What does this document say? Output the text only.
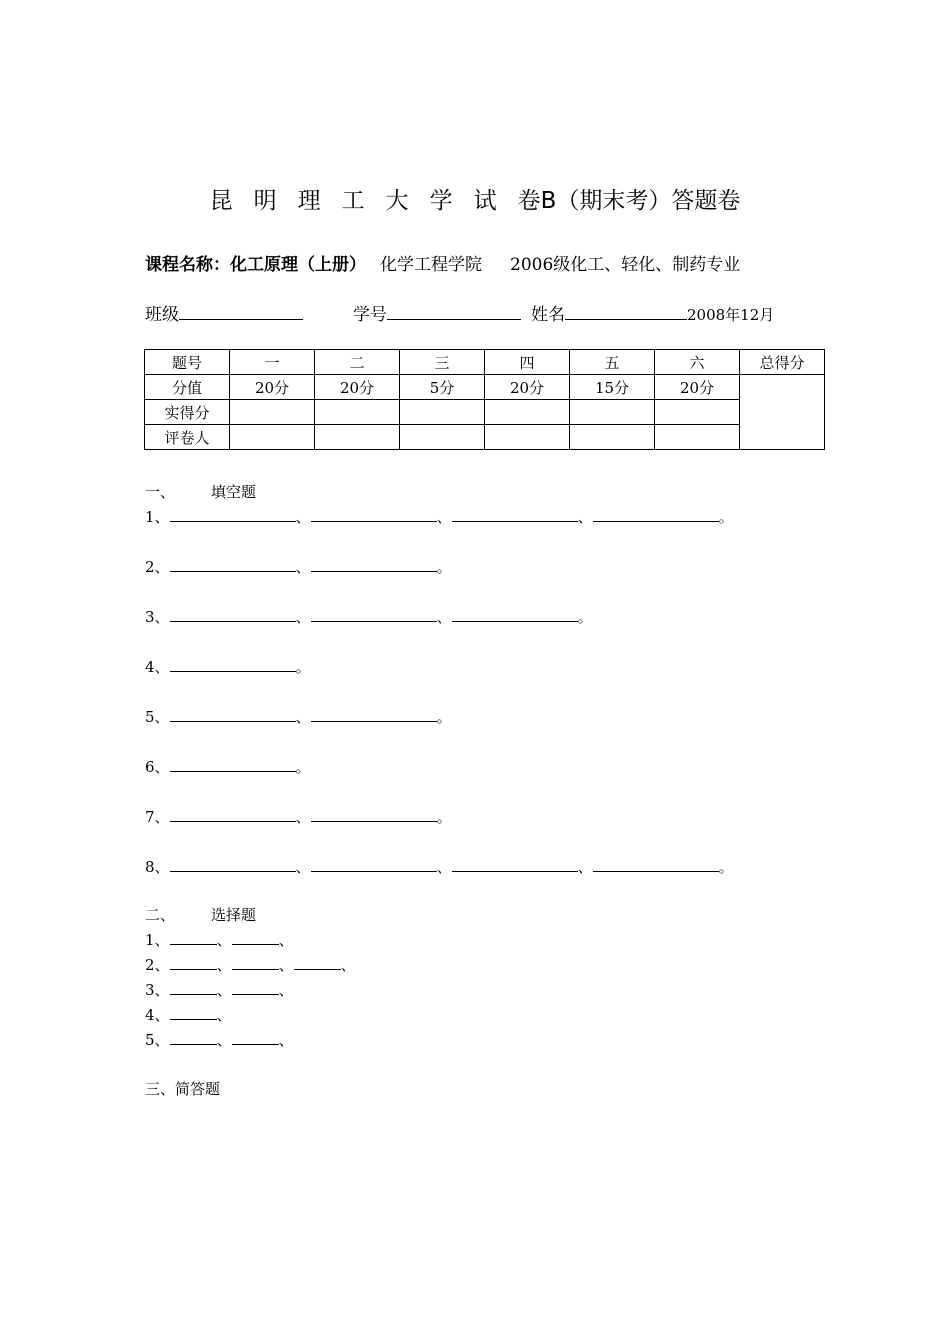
昆明理工大学试卷B（期末考）答题卷
课程名称：化工原理（上册） 化学工程学院 2006级化工、轻化、制药专业
班级	学号	姓名	2008年12月
题号	一	二	三	四	五	六	总得分
分值	20分	20分	5分	20分	15分	20分	
实得分							
评卷人							
一、 填空题
1、	、	、	、	。
2、	、	。
3、	、	、	。
4、	。
5、	、	。
6、	。
7、	、	。
8、	、	、	、	。
二、 选择题
1、	、	、
2、	、	、	、
3、	、	、
4、	、
5、	、	、
三、简答题
